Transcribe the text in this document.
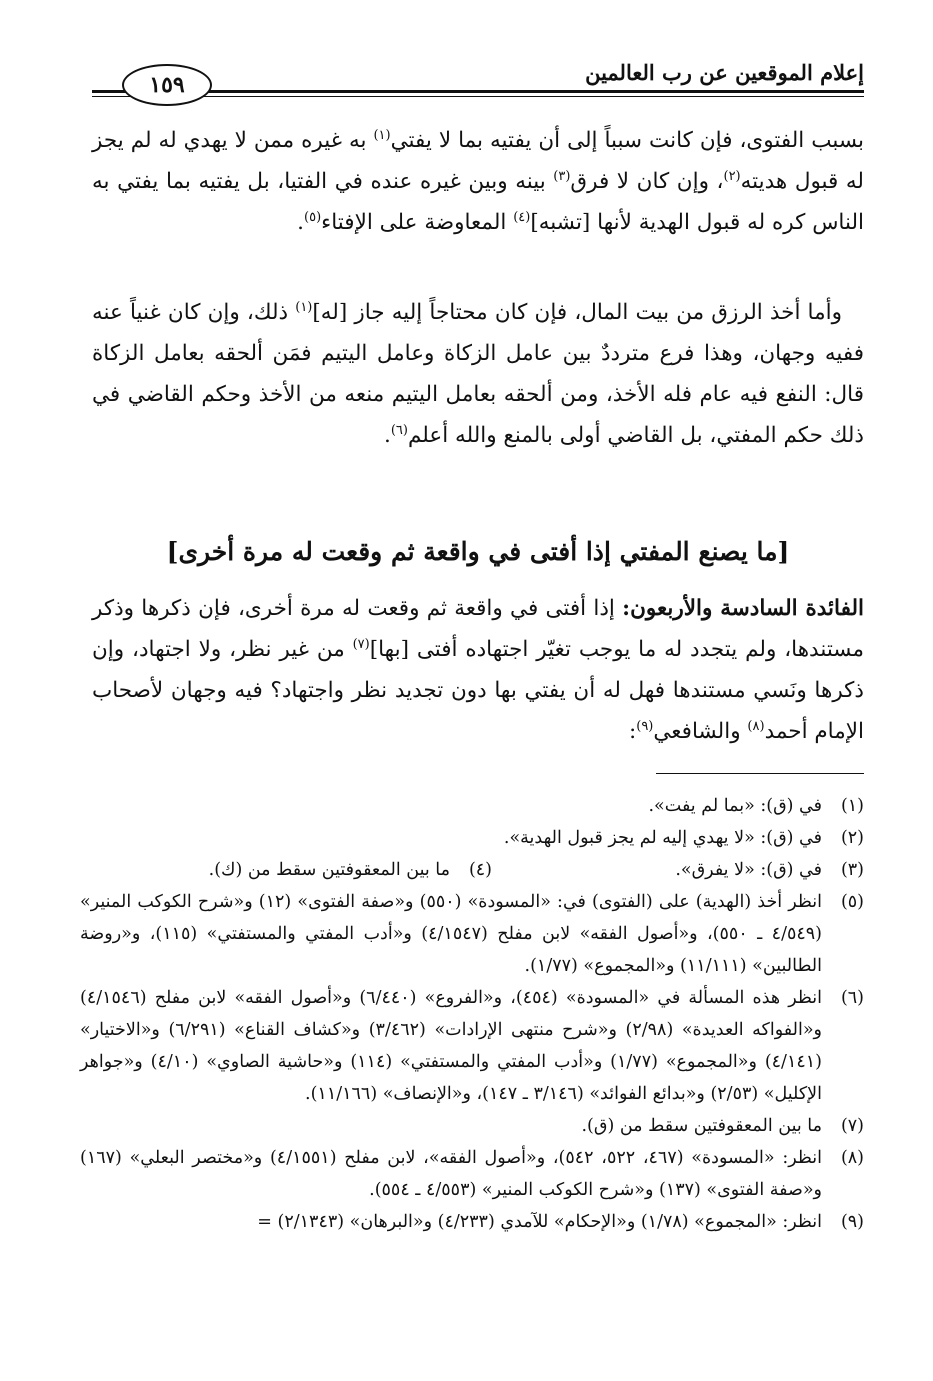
إعلام الموقعين عن رب العالمين
١٥٩

بسبب الفتوى، فإن كانت سبباً إلى أن يفتيه بما لا يفتي$^{(١)}$ به غيره ممن لا يهدي له لم يجز له قبول هديته$^{(٢)}$، وإن كان لا فرق$^{(٣)}$ بينه وبين غيره عنده في الفتيا، بل يفتيه بما يفتي به الناس كره له قبول الهدية لأنها [تشبه]$^{(٤)}$ المعاوضة على الإفتاء$^{(٥)}$.

وأما أخذ الرزق من بيت المال، فإن كان محتاجاً إليه جاز [له]$^{(١)}$ ذلك، وإن كان غنياً عنه ففيه وجهان، وهذا فرع مترددٌ بين عامل الزكاة وعامل اليتيم فمَن ألحقه بعامل الزكاة قال: النفع فيه عام فله الأخذ، ومن ألحقه بعامل اليتيم منعه من الأخذ وحكم القاضي في ذلك حكم المفتي، بل القاضي أولى بالمنع والله أعلم$^{(٦)}$.

[ما يصنع المفتي إذا أفتى في واقعة ثم وقعت له مرة أخرى]

الفائدة السادسة والأربعون: إذا أفتى في واقعة ثم وقعت له مرة أخرى، فإن ذكرها وذكر مستندها، ولم يتجدد له ما يوجب تغيّر اجتهاده أفتى [بها]$^{(٧)}$ من غير نظر، ولا اجتهاد، وإن ذكرها ونَسي مستندها فهل له أن يفتي بها دون تجديد نظر واجتهاد؟ فيه وجهان لأصحاب الإمام أحمد$^{(٨)}$ والشافعي$^{(٩)}$:

(١)
في (ق): «بما لم يفت».
(٢)
في (ق): «لا يهدي إليه لم يجز قبول الهدية».
(٣)
في (ق): «لا يفرق».
(٤)
ما بين المعقوفتين سقط من (ك).
(٥)
انظر أخذ (الهدية) على (الفتوى) في: «المسودة» (٥٥٠) و«صفة الفتوى» (١٢) و«شرح الكوكب المنير» (٤/٥٤٩ ـ ٥٥٠)، و«أصول الفقه» لابن مفلح (٤/١٥٤٧) و«أدب المفتي والمستفتي» (١١٥)، و«روضة الطالبين» (١١/١١١) و«المجموع» (١/٧٧).
(٦)
انظر هذه المسألة في «المسودة» (٤٥٤)، و«الفروع» (٦/٤٤٠) و«أصول الفقه» لابن مفلح (٤/١٥٤٦) و«الفواكه العديدة» (٢/٩٨) و«شرح منتهى الإرادات» (٣/٤٦٢) و«كشاف القناع» (٦/٢٩١) و«الاختيار» (٤/١٤١) و«المجموع» (١/٧٧) و«أدب المفتي والمستفتي» (١١٤) و«حاشية الصاوي» (٤/١٠) و«جواهر الإكليل» (٢/٥٣) و«بدائع الفوائد» (٣/١٤٦ ـ ١٤٧)، و«الإنصاف» (١١/١٦٦).
(٧)
ما بين المعقوفتين سقط من (ق).
(٨)
انظر: «المسودة» (٤٦٧، ٥٢٢، ٥٤٢)، و«أصول الفقه»، لابن مفلح (٤/١٥٥١) و«مختصر البعلي» (١٦٧) و«صفة الفتوى» (١٣٧) و«شرح الكوكب المنير» (٤/٥٥٣ ـ ٥٥٤).
(٩)
انظر: «المجموع» (١/٧٨) و«الإحكام» للآمدي (٤/٢٣٣) و«البرهان» (٢/١٣٤٣) =
